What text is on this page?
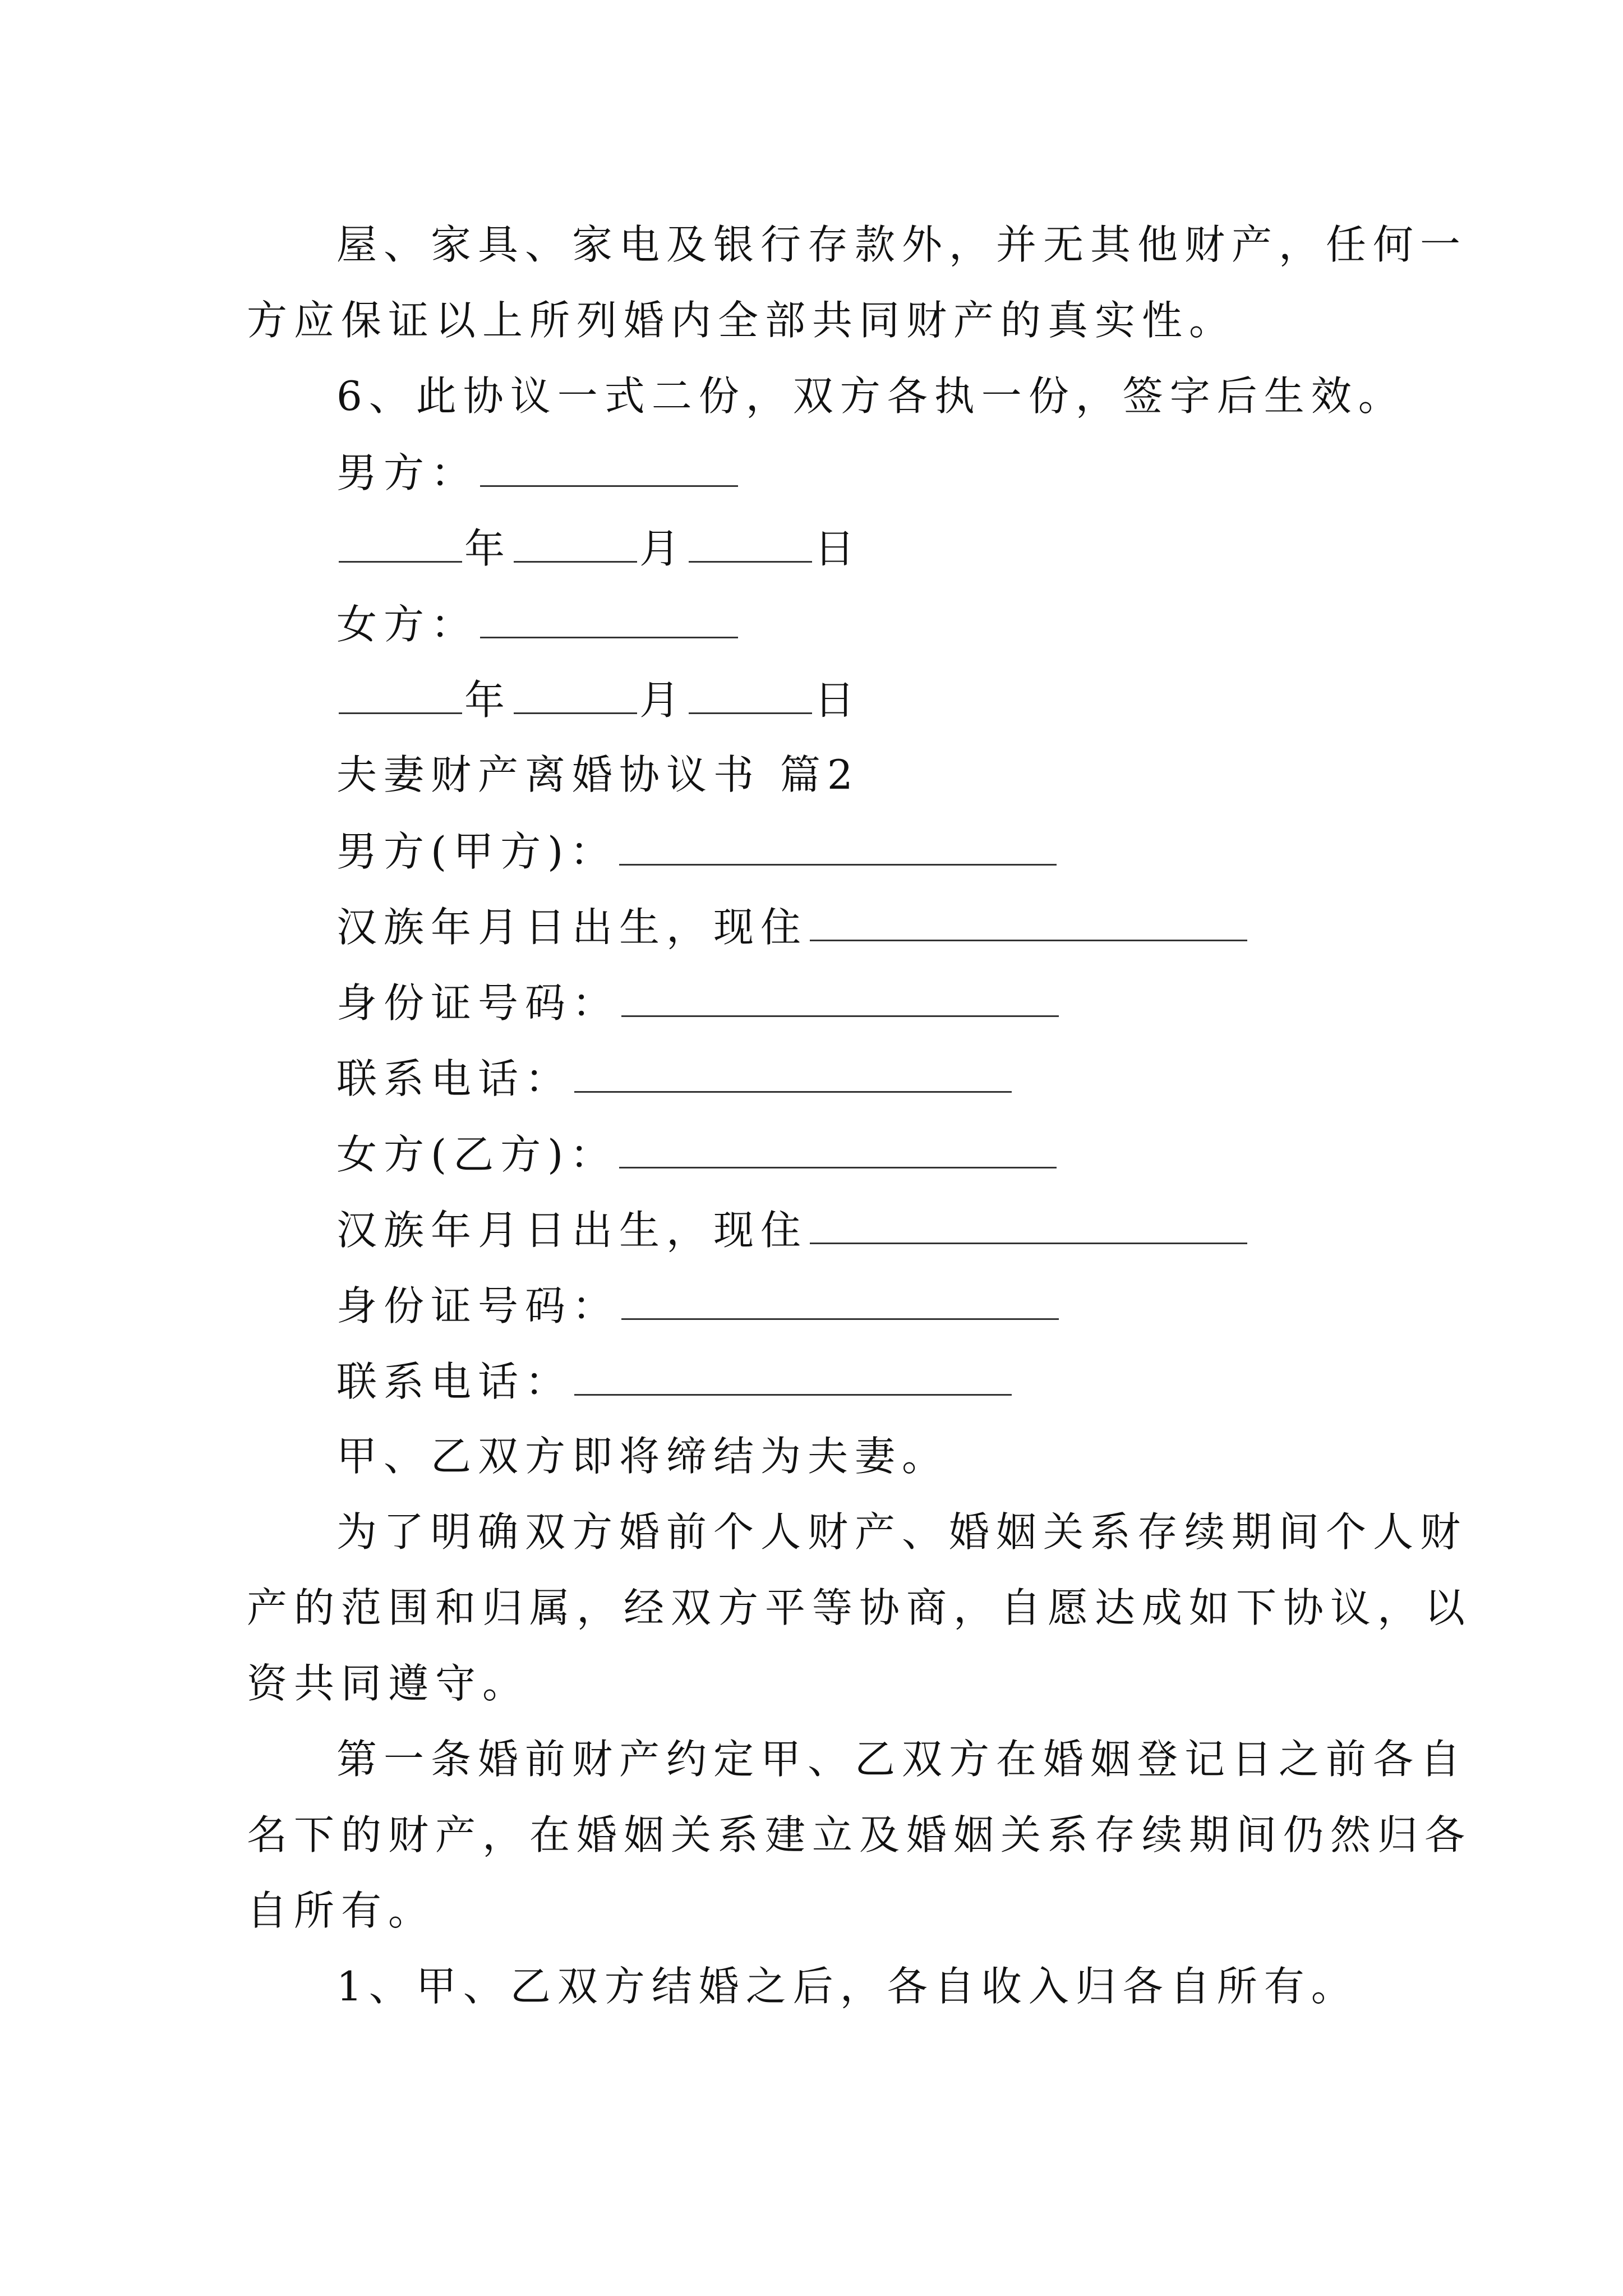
屋、家具、家电及银行存款外，并无其他财产，任何一
方应保证以上所列婚内全部共同财产的真实性。
6、此协议一式二份，双方各执一份，签字后生效。
男方：
年	月	日
女方：
年	月	日
夫妻财产离婚协议书 篇2
男方(甲方)：
汉族年月日出生，现住
身份证号码：
联系电话：
女方(乙方)：
汉族年月日出生，现住
身份证号码：
联系电话：
甲、乙双方即将缔结为夫妻。
为了明确双方婚前个人财产、婚姻关系存续期间个人财
产的范围和归属，经双方平等协商，自愿达成如下协议，以
资共同遵守。
第一条婚前财产约定甲、乙双方在婚姻登记日之前各自
名下的财产，在婚姻关系建立及婚姻关系存续期间仍然归各
自所有。
1、甲、乙双方结婚之后，各自收入归各自所有。
